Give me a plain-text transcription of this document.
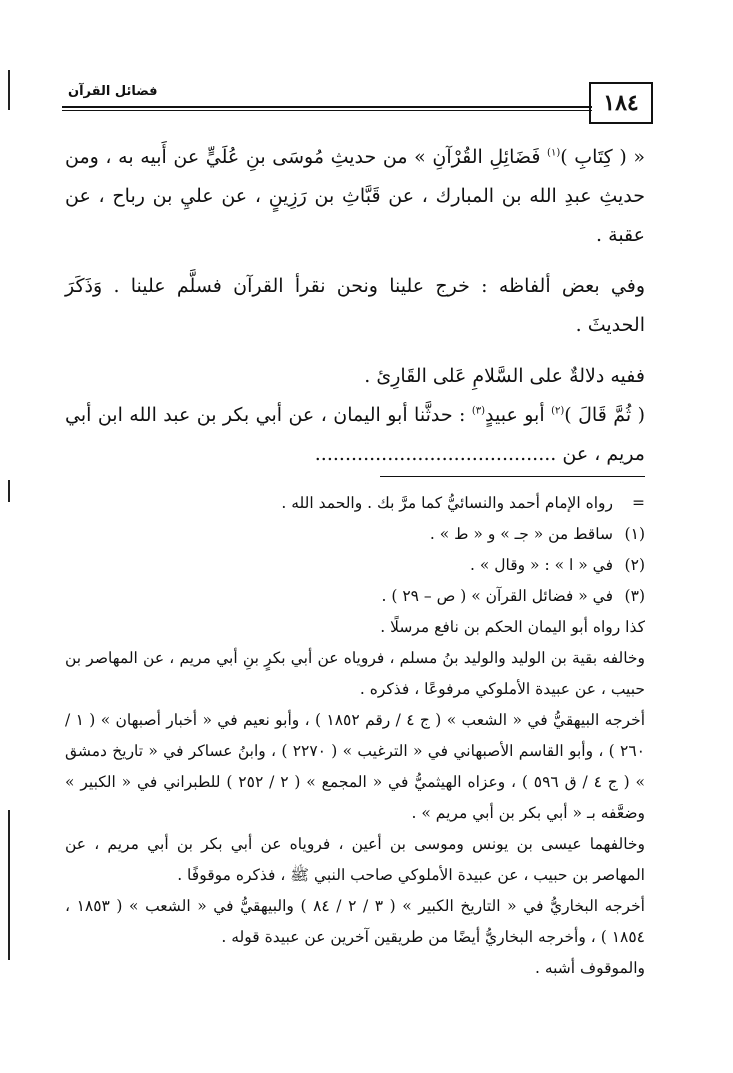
١٨٤
فضائل القرآن

« ( كِتَابِ )$^{(١)}$ فَضَائِلِ القُرْآنِ » من حديثِ مُوسَى بنِ عُلَيٍّ عن أَبيه به ، ومن حديثِ عبدِ الله بن المبارك ، عن قَبَّاثِ بن رَزِينٍ ، عن عليِ بن رباح ، عن عقبة .

وفي بعض ألفاظه : خرج علينا ونحن نقرأ القرآن فسلَّم علينا . وَذَكَرَ الحديثَ .

ففيه دلالةٌ على السَّلامِ عَلى القَارِئ .

( ثُمَّ قَالَ )$^{(٢)}$ أبو عبيدٍ$^{(٣)}$ : حدثَّنا أبو اليمان ، عن أبي بكر بن عبد الله ابن أبي مريم ، عن ........................................

=رواه الإمام أحمد والنسائيُّ كما مرَّ بك . والحمد الله .

(١)ساقط من « جـ » و « ط » .

(٢)في « ا » : « وقال » .

(٣)في « فضائل القرآن » ( ص – ٢٩ ) .

كذا رواه أبو اليمان الحكم بن نافع مرسلًا .

وخالفه بقية بن الوليد والوليد بنُ مسلم ، فروياه عن أبي بكرٍ بنِ أبي مريم ، عن المهاصر بن حبيب ، عن عبيدة الأملوكي مرفوعًا ، فذكره .

أخرجه البيهقيُّ في « الشعب » ( ج ٤ / رقم ١٨٥٢ ) ، وأبو نعيم في « أخبار أصبهان » ( ١ / ٢٦٠ ) ، وأبو القاسم الأصبهاني في « الترغيب » ( ٢٢٧٠ ) ، وابنُ عساكر في « تاريخ دمشق » ( ج ٤ / ق ٥٩٦ ) ، وعزاه الهيثميُّ في « المجمع » ( ٢ / ٢٥٢ ) للطبراني في « الكبير » وضعَّفه بـ « أبي بكر بن أبي مريم » .

وخالفهما عيسى بن يونس وموسى بن أعين ، فروياه عن أبي بكر بن أبي مريم ، عن المهاصر بن حبيب ، عن عبيدة الأملوكي صاحب النبي ﷺ ، فذكره موقوفًا .

أخرجه البخاريُّ في « التاريخ الكبير » ( ٣ / ٢ / ٨٤ ) والبيهقيُّ في « الشعب » ( ١٨٥٣ ، ١٨٥٤ ) ، وأخرجه البخاريُّ أيضًا من طريقين آخرين عن عبيدة قوله .

والموقوف أشبه .
